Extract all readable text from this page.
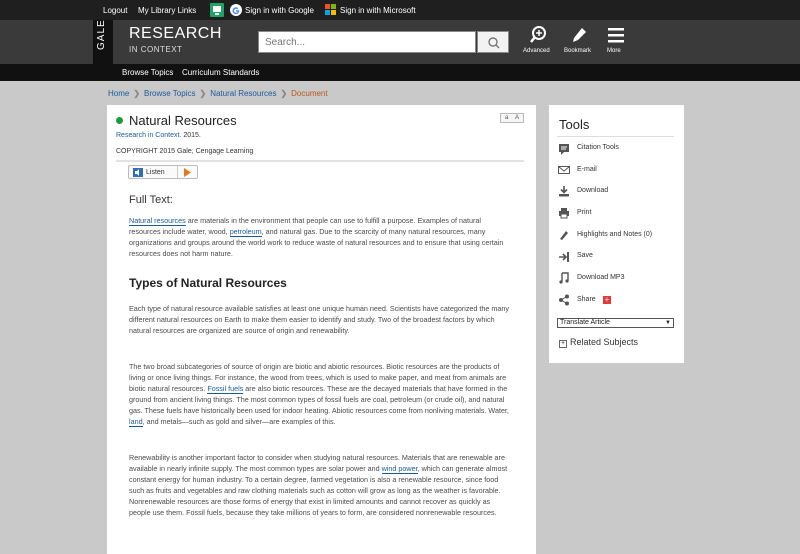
Logout My Library Links	Sign in with Google	Sign in with Microsoft
GALE RESEARCH
IN CONTEXT
Search...	Advanced Bookmark	More
Browse Topics Curriculum Standards
Home ❯ Browse Topics ❯ Natural Resources ❯ Document
Natural Resources	a A
Research in Context. 2015.
COPYRIGHT 2015 Gale, Cengage Learning
Listen
Full Text:
Natural resources are materials in the environment that people can use to fulfill a purpose. Examples of natural resources include water, wood, petroleum, and natural gas. Due to the scarcity of many natural resources, many organizations and groups around the world work to reduce waste of natural resources and to ensure that using certain resources does not harm nature.
Types of Natural Resources
Each type of natural resource available satisfies at least one unique human need. Scientists have categorized the many different natural resources on Earth to make them easier to identify and study. Two of the broadest factors by which natural resources are organized are source of origin and renewability.
The two broad subcategories of source of origin are biotic and abiotic resources. Biotic resources are the products of living or once living things. For instance, the wood from trees, which is used to make paper, and meat from animals are biotic natural resources. Fossil fuels are also biotic resources. These are the decayed materials that have formed in the ground from ancient living things. The most common types of fossil fuels are coal, petroleum (or crude oil), and natural gas. These fuels have historically been used for indoor heating. Abiotic resources come from nonliving materials. Water, land, and metals—such as gold and silver—are examples of this.
Renewability is another important factor to consider when studying natural resources. Materials that are renewable are available in nearly infinite supply. The most common types are solar power and wind power, which can generate almost constant energy for human industry. To a certain degree, farmed vegetation is also a renewable resource, since food such as fruits and vegetables and raw clothing materials such as cotton will grow as long as the weather is favorable. Nonrenewable resources are those forms of energy that exist in limited amounts and cannot recover as quickly as people use them. Fossil fuels, because they take millions of years to form, are considered nonrenewable resources.
Tools
Citation Tools
E-mail
Download
Print
Highlights and Notes (0)
Save
Download MP3
Share +
Translate Article	▼
+ Related Subjects
